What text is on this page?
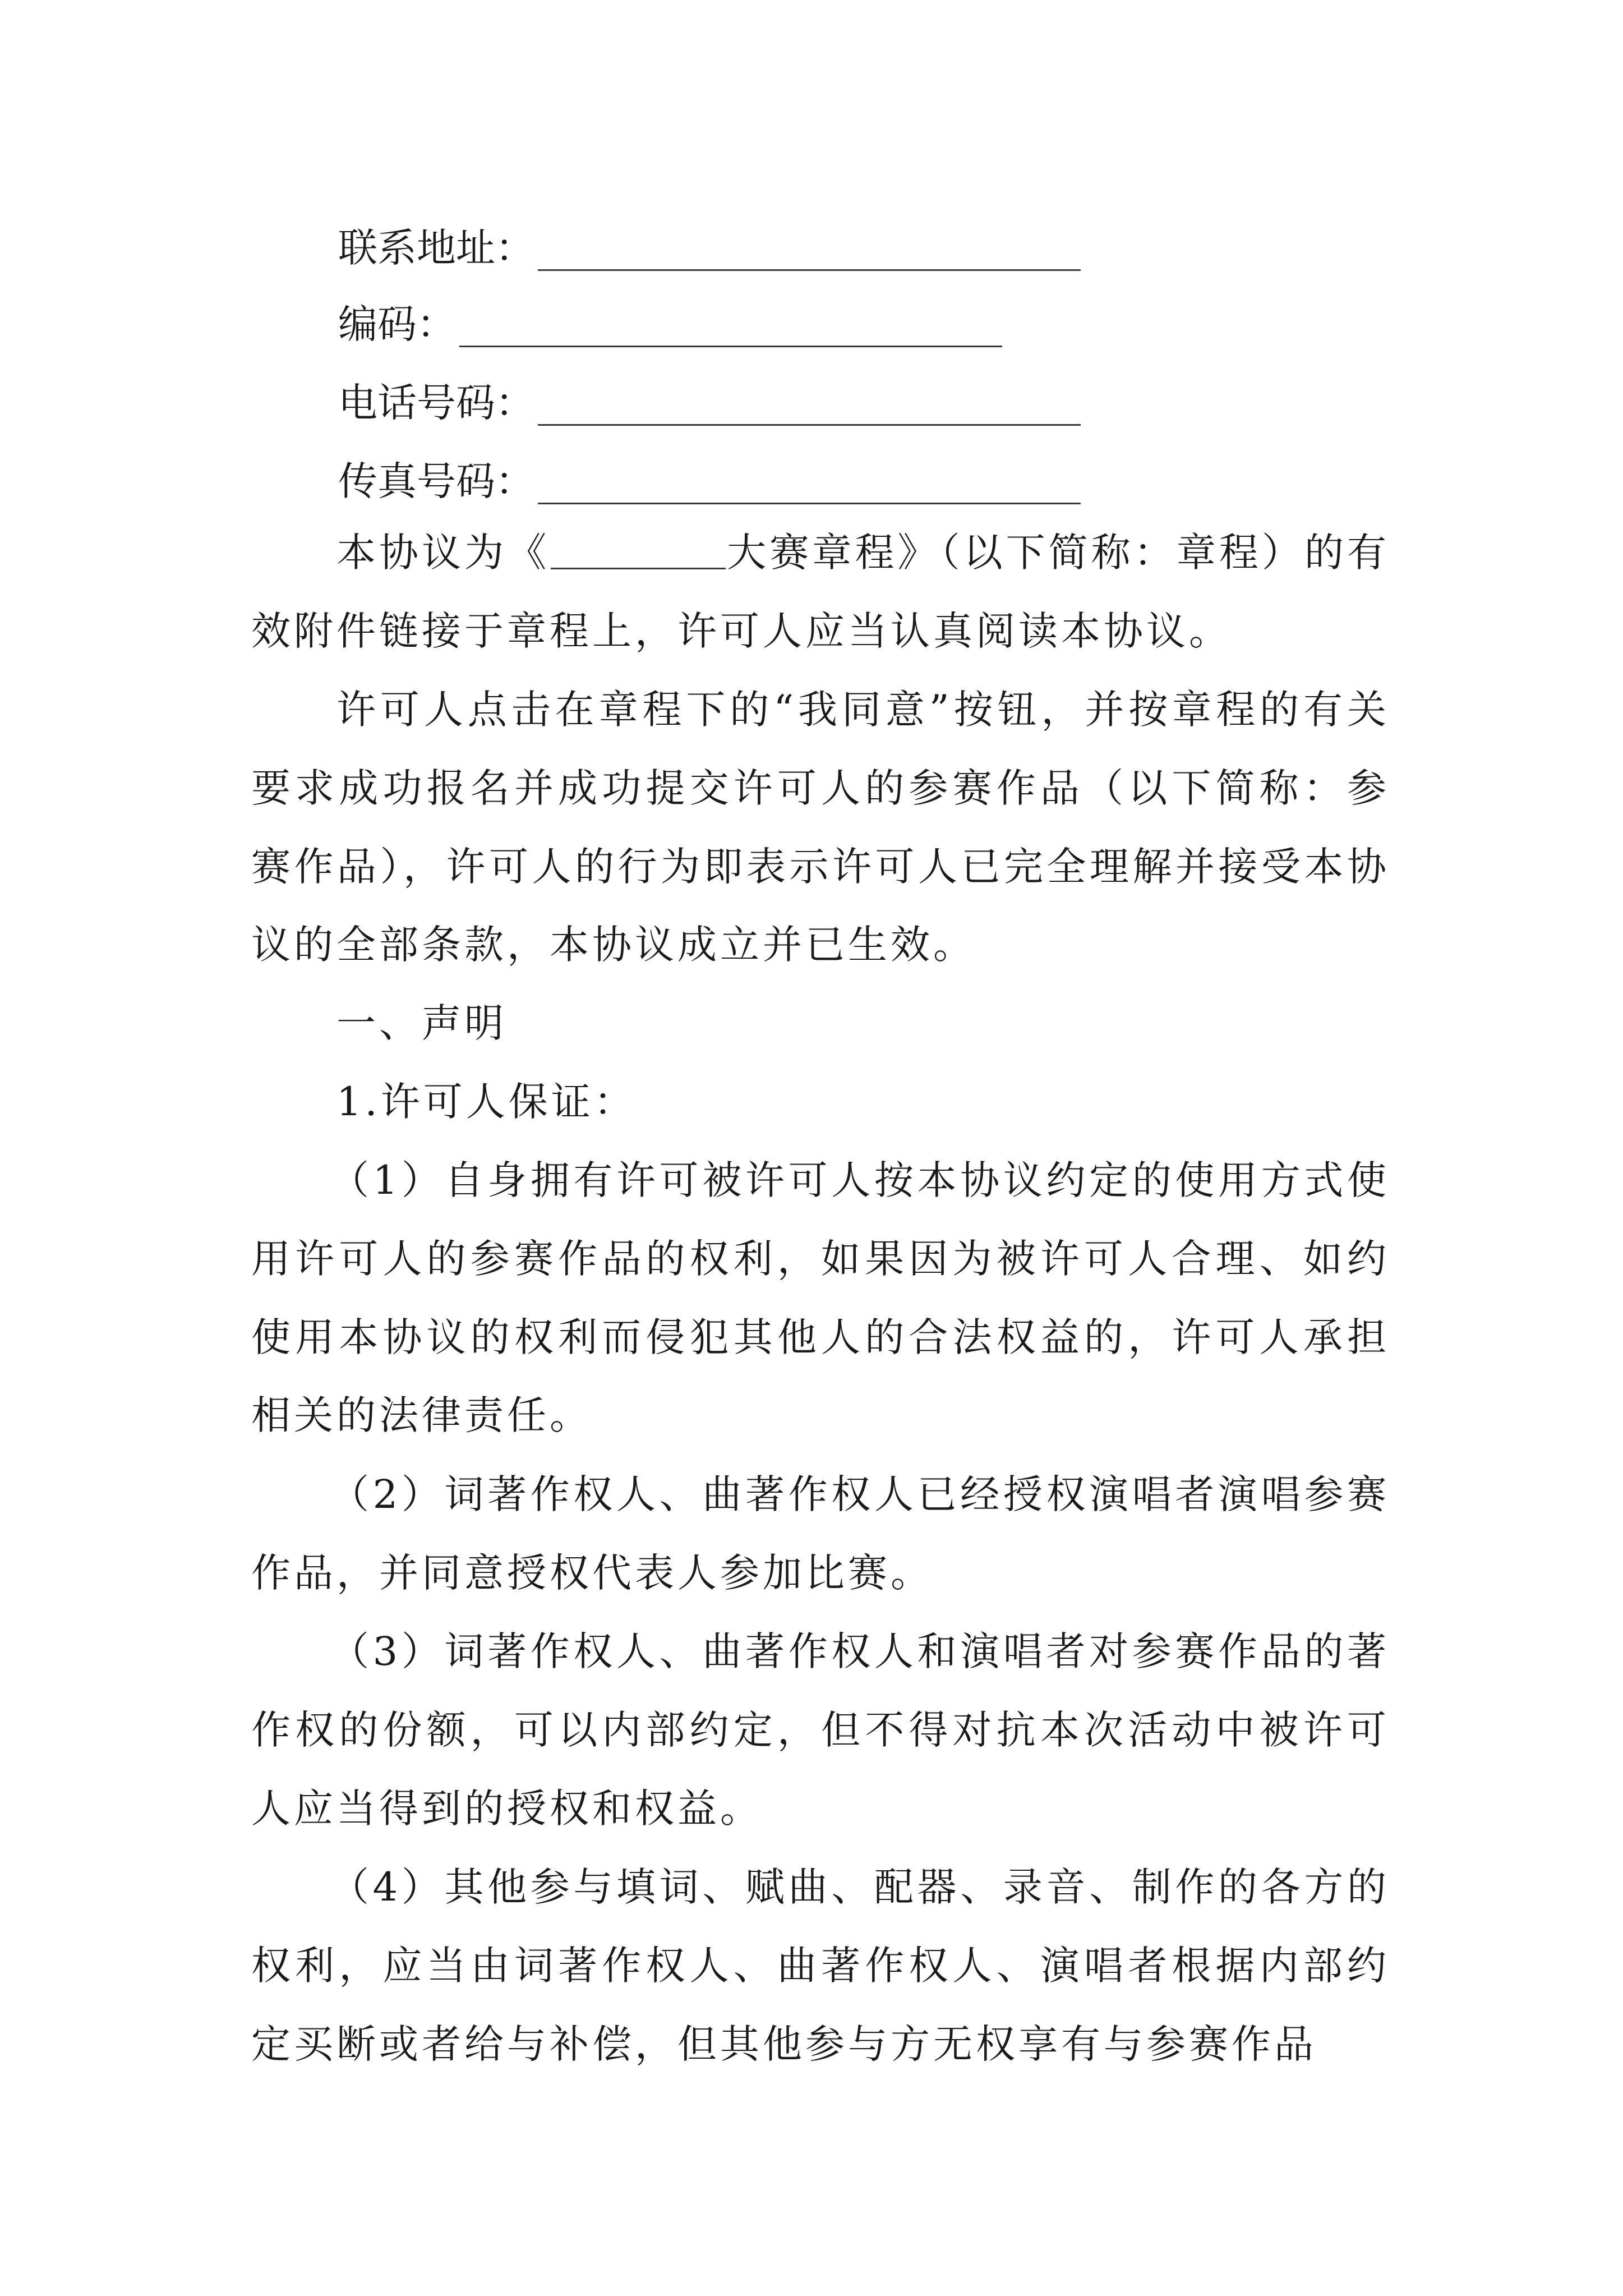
联系地址：
编码：
电话号码：
传真号码：

本协议为《	大赛章程》（以下简称：章程）的有效附件链接于章程上，许可人应当认真阅读本协议。

许可人点击在章程下的“我同意”按钮，并按章程的有关要求成功报名并成功提交许可人的参赛作品（以下简称：参赛作品），许可人的行为即表示许可人已完全理解并接受本协议的全部条款，本协议成立并已生效。

一、声明

1.许可人保证：

（1）自身拥有许可被许可人按本协议约定的使用方式使用许可人的参赛作品的权利，如果因为被许可人合理、如约使用本协议的权利而侵犯其他人的合法权益的，许可人承担相关的法律责任。

（2）词著作权人、曲著作权人已经授权演唱者演唱参赛作品，并同意授权代表人参加比赛。

（3）词著作权人、曲著作权人和演唱者对参赛作品的著作权的份额，可以内部约定，但不得对抗本次活动中被许可人应当得到的授权和权益。

（4）其他参与填词、赋曲、配器、录音、制作的各方的权利，应当由词著作权人、曲著作权人、演唱者根据内部约定买断或者给与补偿，但其他参与方无权享有与参赛作品
